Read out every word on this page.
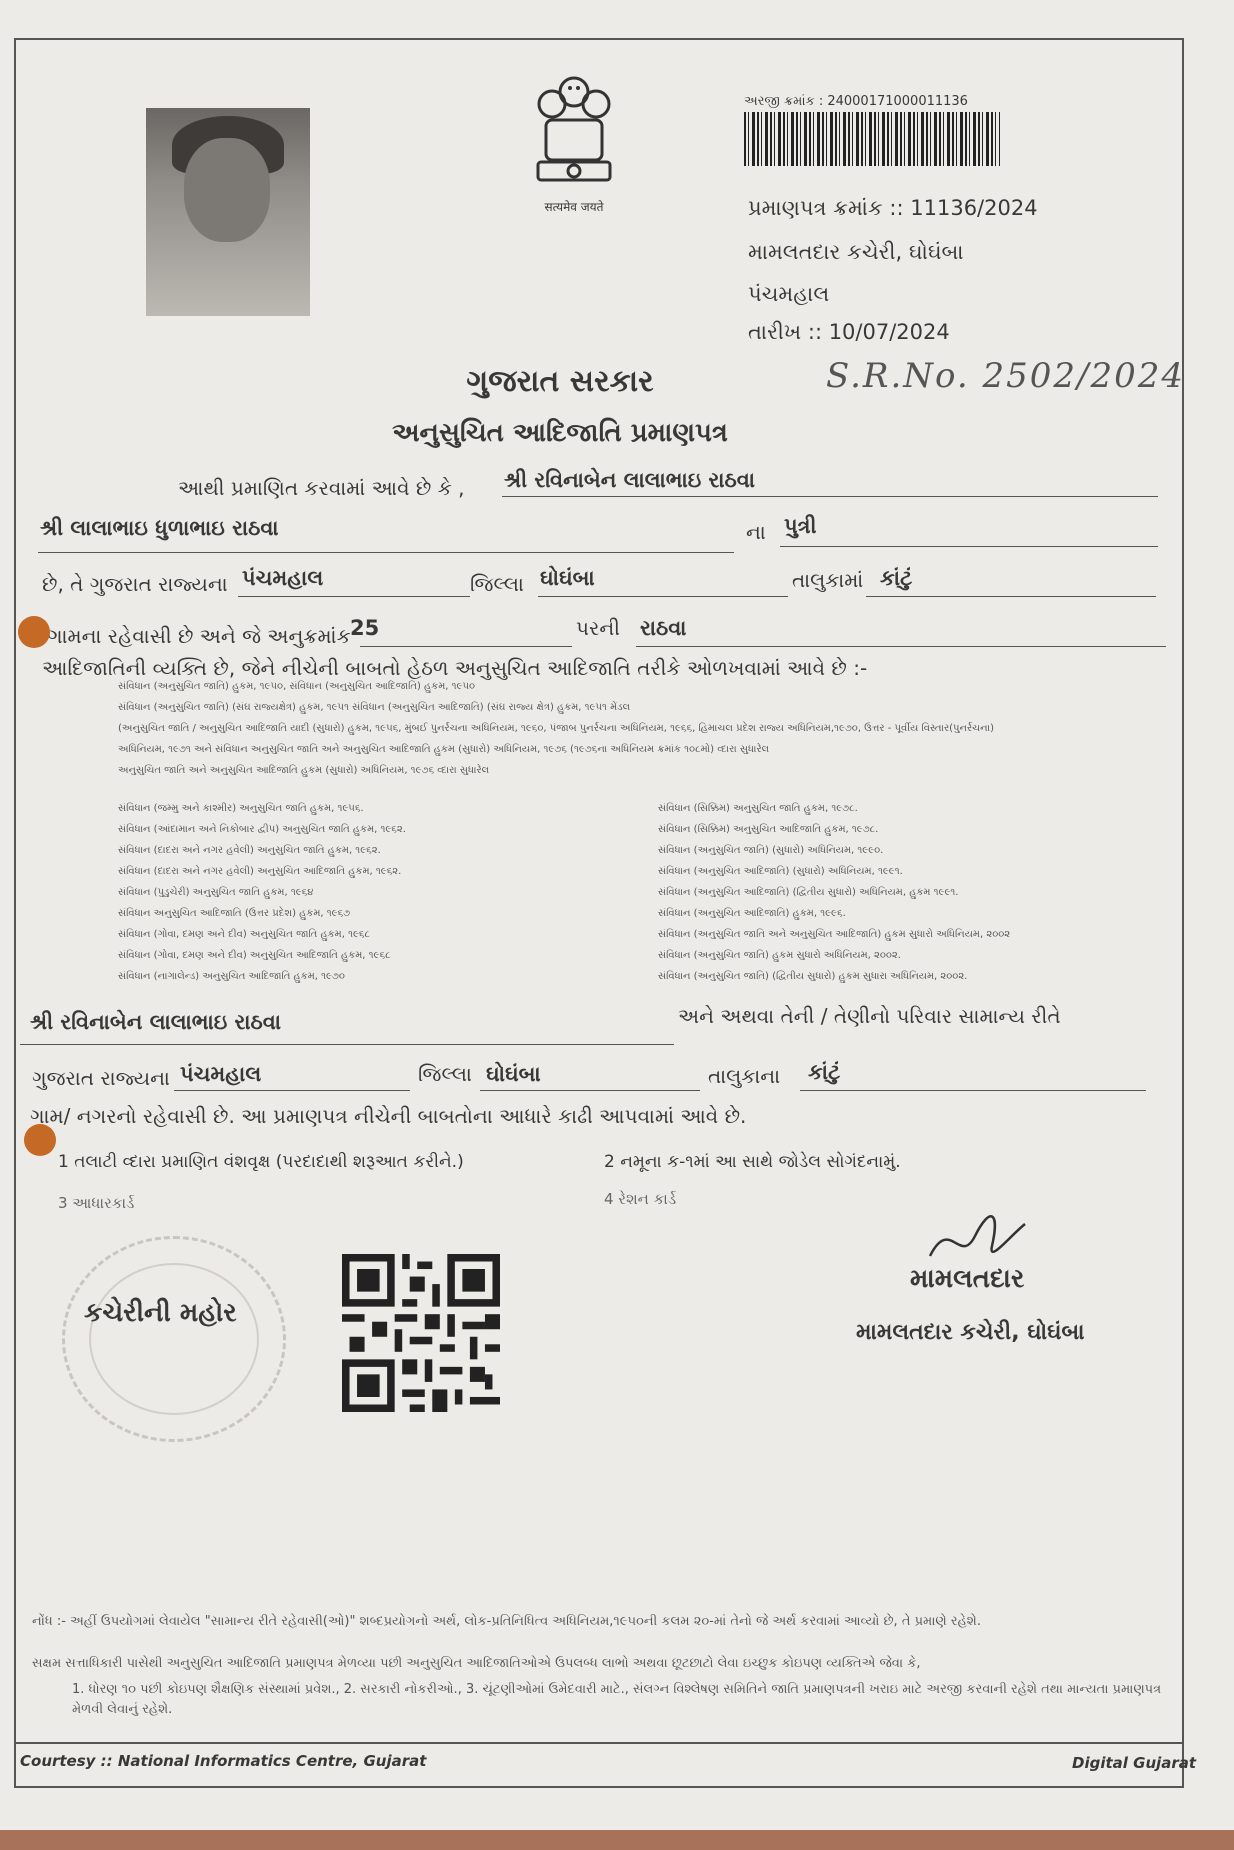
सत्यमेव जयते
અરજી ક્રમાંક : 24000171000011136
પ્રમાણપત્ર ક્રમાંક :: 11136/2024
મામલતદાર કચેરી, ઘોઘંબા
પંચમહાલ
તારીખ :: 10/07/2024
S.R.No. 2502/2024
ગુજરાત સરકાર
અનુસુચિત આદિજાતિ પ્રમાણપત્ર
આથી પ્રમાણિત કરવામાં આવે છે કે , શ્રી રવિનાબેન લાલાભાઇ રાઠવા
શ્રી લાલાભાઇ ધુળાભાઇ રાઠવા	ના પુત્રી
છે, તે ગુજરાત રાજ્યના પંચમહાલ	જિલ્લા ઘોઘંબા	તાલુકામાં કાંટું
ગામના રહેવાસી છે અને જે અનુક્રમાંક 25	પરની રાઠવા
આદિજાતિની વ્યક્તિ છે, જેને નીચેની બાબતો હેઠળ અનુસુચિત આદિજાતિ તરીકે ઓળખવામાં આવે છે :-
સંવિધાન (અનુસુચિત જાતિ) હુકમ, ૧૯૫૦, સંવિધાન (અનુસુચિત આદિજાતિ) હુકમ, ૧૯૫૦
સંવિધાન (અનુસુચિત જાતિ) (સંઘ રાજ્યક્ષેત્ર) હુકમ, ૧૯૫૧ સંવિધાન (અનુસુચિત આદિજાતિ) (સંઘ રાજ્ય ક્ષેત્ર) હુકમ, ૧૯૫૧ મેંડલ
(અનુસુચિત જાતિ / અનુસુચિત આદિજાતિ યાદી (સુધારો) હુકમ, ૧૯૫૬, મુંબઈ પુનર્રચના અધિનિયમ, ૧૯૬૦, પંજાબ પુનર્રચના અધિનિયમ, ૧૯૬૬, હિમાચલ પ્રદેશ રાજ્ય અધિનિયમ,૧૯૭૦, ઉત્તર - પૂર્વીય વિસ્તાર(પુનર્રચના)
અધિનિયમ, ૧૯૭૧ અને સંવિધાન અનુસુચિત જાતિ અને અનુસુચિત આદિજાતિ હુકમ (સુધારો) અધિનિયમ, ૧૯૭૬ (૧૯૭૬ના અધિનિયમ ક્રમાંક ૧૦૮મો) વ્દારા સુધારેલ
અનુસુચિત જાતિ અને અનુસુચિત આદિજાતિ હુકમ (સુધારો) અધિનિયમ, ૧૯૭૬ વ્દારા સુધારેલ
સંવિધાન (જમ્મુ અને કાશ્મીર) અનુસુચિત જાતિ હુકમ, ૧૯૫૬.
સંવિધાન (આંદામાન અને નિકોબાર દ્વીપ) અનુસુચિત જાતિ હુકમ, ૧૯૬૨.
સંવિધાન (દાદરા અને નગર હવેલી) અનુસુચિત જાતિ હુકમ, ૧૯૬૨.
સંવિધાન (દાદરા અને નગર હવેલી) અનુસુચિત આદિજાતિ હુકમ, ૧૯૬૨.
સંવિધાન (પુડુચેરી) અનુસુચિત જાતિ હુકમ, ૧૯૬૪
સંવિધાન અનુસુચિત આદિજાતિ (ઉત્તર પ્રદેશ) હુકમ, ૧૯૬૭
સંવિધાન (ગોવા, દમણ અને દીવ) અનુસુચિત જાતિ હુકમ, ૧૯૬૮
સંવિધાન (ગોવા, દમણ અને દીવ) અનુસુચિત આદિજાતિ હુકમ, ૧૯૬૮
સંવિધાન (નાગાલેન્ડ) અનુસુચિત આદિજાતિ હુકમ, ૧૯૭૦
સંવિધાન (સિક્કિમ) અનુસુચિત જાતિ હુકમ, ૧૯૭૮.
સંવિધાન (સિક્કિમ) અનુસુચિત આદિજાતિ હુકમ, ૧૯૭૮.
સંવિધાન (અનુસુચિત જાતિ) (સુધારો) અધિનિયમ, ૧૯૯૦.
સંવિધાન (અનુસુચિત આદિજાતિ) (સુધારો) અધિનિયમ, ૧૯૯૧.
સંવિધાન (અનુસુચિત આદિજાતિ) (દ્વિતીય સુધારો) અધિનિયમ, હુકમ ૧૯૯૧.
સંવિધાન (અનુસુચિત આદિજાતિ) હુકમ, ૧૯૯૬.
સંવિધાન (અનુસુચિત જાતિ અને અનુસુચિત આદિજાતિ) હુકમ સુધારો અધિનિયમ, ૨૦૦૨
સંવિધાન (અનુસુચિત જાતિ) હુકમ સુધારો અધિનિયમ, ૨૦૦૨.
સંવિધાન (અનુસુચિત જાતિ) (દ્વિતીય સુધારો) હુકમ સુધારા અધિનિયમ, ૨૦૦૨.
શ્રી રવિનાબેન લાલાભાઇ રાઠવા	અને અથવા તેની / તેણીનો પરિવાર સામાન્ય રીતે
ગુજરાત રાજ્યના પંચમહાલ	જિલ્લા ઘોઘંબા	તાલુકાના કાંટું
ગામ/ નગરનો રહેવાસી છે. આ પ્રમાણપત્ર નીચેની બાબતોના આધારે કાઢી આપવામાં આવે છે.
1 તલાટી વ્દારા પ્રમાણિત વંશવૃક્ષ (પરદાદાથી શરૂઆત કરીને.)	2 નમૂના ક-૧માં આ સાથે જોડેલ સોગંદનામું.
3 આધારકાર્ડ	4 રેશન કાર્ડ
કચેરીની મહોર
મામલતદાર
મામલતદાર કચેરી, ઘોઘંબા
નોંધ :- અહીં ઉપયોગમાં લેવાયેલ "સામાન્ય રીતે રહેવાસી(ઓ)" શબ્દપ્રયોગનો અર્થ, લોક-પ્રતિનિધિત્વ અધિનિયમ,૧૯૫૦ની કલમ ૨૦-માં તેનો જે અર્થ કરવામાં આવ્યો છે, તે પ્રમાણે રહેશે.
સક્ષમ સત્તાધિકારી પાસેથી અનુસુચિત આદિજાતિ પ્રમાણપત્ર મેળવ્યા પછી અનુસુચિત આદિજાતિઓએ ઉપલબ્ધ લાભો અથવા છૂટછાટો લેવા ઇચ્છુક કોઇપણ વ્યક્તિએ જેવા કે,
1. ધોરણ ૧૦ પછી કોઇપણ શૈક્ષણિક સંસ્થામાં પ્રવેશ., 2. સરકારી નોકરીઓ., 3. ચૂંટણીઓમાં ઉમેદવારી માટે., સંલગ્ન વિશ્લેષણ સમિતિને જાતિ પ્રમાણપત્રની ખરાઇ માટે અરજી કરવાની રહેશે તથા માન્યતા પ્રમાણપત્ર મેળવી લેવાનું રહેશે.
Courtesy :: National Informatics Centre, Gujarat	Digital Gujarat
